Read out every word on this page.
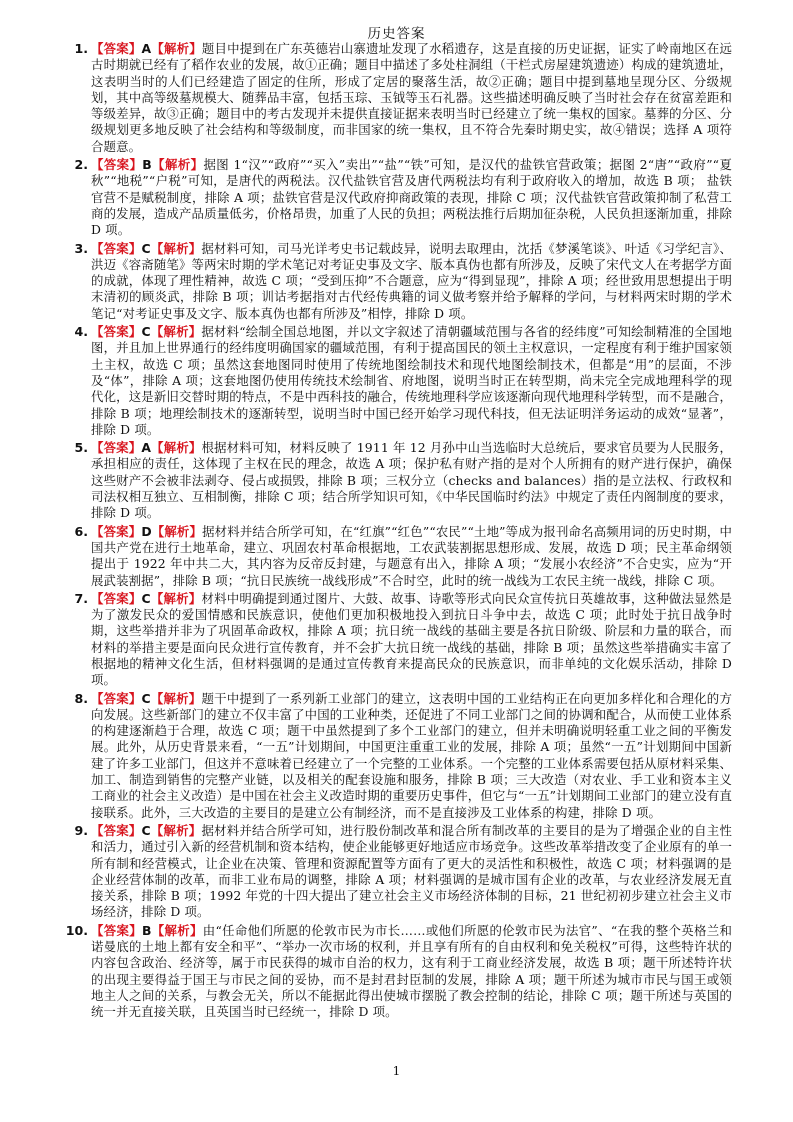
历史答案
1. 【答案】A【解析】题目中提到在广东英德岩山寨遗址发现了水稻遗存，这是直接的历史证据，证实了岭南地区在远古时期就已经有了稻作农业的发展，故①正确；题目中描述了多处柱洞组（干栏式房屋建筑遗迹）构成的建筑遗址，这表明当时的人们已经建造了固定的住所，形成了定居的聚落生活，故②正确；题目中提到墓地呈现分区、分级规划，其中高等级墓规模大、随葬品丰富，包括玉琮、玉钺等玉石礼器。这些描述明确反映了当时社会存在贫富差距和等级差异，故③正确；题目中的考古发现并未提供直接证据来表明当时已经建立了统一集权的国家。墓葬的分区、分级规划更多地反映了社会结构和等级制度，而非国家的统一集权，且不符合先秦时期史实，故④错误；选择 A 项符合题意。
2. 【答案】B【解析】据图 1“汉”“政府”“买入”卖出”“盐”“铁”可知，是汉代的盐铁官营政策；据图 2“唐”“政府”“夏秋”“地税”“户税”可知，是唐代的两税法。汉代盐铁官营及唐代两税法均有利于政府收入的增加，故选 B 项； 盐铁官营不是赋税制度，排除 A 项；盐铁官营是汉代政府抑商政策的表现，排除 C 项；汉代盐铁官营政策抑制了私营工商的发展，造成产品质量低劣，价格昂贵，加重了人民的负担；两税法推行后期加征杂税，人民负担逐渐加重，排除 D 项。
3. 【答案】C【解析】据材料可知，司马光详考史书记载歧异，说明去取理由，沈括《梦溪笔谈》、叶适《习学纪言》、洪迈《容斋随笔》等两宋时期的学术笔记对考证史事及文字、版本真伪也都有所涉及，反映了宋代文人在考据学方面的成就，体现了理性精神，故选 C 项；“受到压抑”不合题意，应为“得到显现”，排除 A 项；经世致用思想提出于明末清初的顾炎武，排除 B 项；训诂考据指对古代经传典籍的词义做考察并给予解释的学问，与材料两宋时期的学术笔记“对考证史事及文字、版本真伪也都有所涉及”相悖，排除 D 项。
4. 【答案】C【解析】据材料“绘制全国总地图，并以文字叙述了清朝疆域范围与各省的经纬度”可知绘制精准的全国地图，并且加上世界通行的经纬度明确国家的疆域范围，有利于提高国民的领土主权意识，一定程度有利于维护国家领土主权，故选 C 项；虽然这套地图同时使用了传统地图绘制技术和现代地图绘制技术，但都是“用”的层面，不涉及“体”，排除 A 项；这套地图仍使用传统技术绘制省、府地图，说明当时正在转型期，尚未完全完成地理科学的现代化，这是新旧交替时期的特点，不是中西科技的融合，传统地理科学应该逐渐向现代地理科学转型，而不是融合，排除 B 项；地理绘制技术的逐渐转型，说明当时中国已经开始学习现代科技，但无法证明洋务运动的成效“显著”，排除 D 项。
5. 【答案】A【解析】根据材料可知，材料反映了 1911 年 12 月孙中山当选临时大总统后，要求官员要为人民服务，承担相应的责任，这体现了主权在民的理念，故选 A 项；保护私有财产指的是对个人所拥有的财产进行保护，确保这些财产不会被非法剥夺、侵占或损毁，排除 B 项；三权分立（checks and balances）指的是立法权、行政权和司法权相互独立、互相制衡，排除 C 项；结合所学知识可知，《中华民国临时约法》中规定了责任内阁制度的要求，排除 D 项。
6. 【答案】D【解析】据材料并结合所学可知，在“红旗”“红色”“农民”“土地”等成为报刊命名高频用词的历史时期，中国共产党在进行土地革命，建立、巩固农村革命根据地，工农武装割据思想形成、发展，故选 D 项；民主革命纲领提出于 1922 年中共二大，其内容为反帝反封建，与题意有出入，排除 A 项；“发展小农经济”不合史实，应为“开展武装割据”，排除 B 项；“抗日民族统一战线形成”不合时空，此时的统一战线为工农民主统一战线，排除 C 项。
7. 【答案】C【解析】材料中明确提到通过图片、大鼓、故事、诗歌等形式向民众宣传抗日英雄故事，这种做法显然是为了激发民众的爱国情感和民族意识，使他们更加积极地投入到抗日斗争中去，故选 C 项；此时处于抗日战争时期，这些举措并非为了巩固革命政权，排除 A 项；抗日统一战线的基础主要是各抗日阶级、阶层和力量的联合，而材料的举措主要是面向民众进行宣传教育，并不会扩大抗日统一战线的基础，排除 B 项；虽然这些举措确实丰富了根据地的精神文化生活，但材料强调的是通过宣传教育来提高民众的民族意识，而非单纯的文化娱乐活动，排除 D 项。
8. 【答案】C【解析】题干中提到了一系列新工业部门的建立，这表明中国的工业结构正在向更加多样化和合理化的方向发展。这些新部门的建立不仅丰富了中国的工业种类，还促进了不同工业部门之间的协调和配合，从而使工业体系的构建逐渐趋于合理，故选 C 项；题干中虽然提到了多个工业部门的建立，但并未明确说明轻重工业之间的平衡发展。此外，从历史背景来看，“一五”计划期间，中国更注重重工业的发展，排除 A 项；虽然“一五”计划期间中国新建了许多工业部门，但这并不意味着已经建立了一个完整的工业体系。一个完整的工业体系需要包括从原材料采集、加工、制造到销售的完整产业链，以及相关的配套设施和服务，排除 B 项；三大改造（对农业、手工业和资本主义工商业的社会主义改造）是中国在社会主义改造时期的重要历史事件，但它与“一五”计划期间工业部门的建立没有直接联系。此外，三大改造的主要目的是建立公有制经济，而不是直接涉及工业体系的构建，排除 D 项。
9. 【答案】C【解析】据材料并结合所学可知，进行股份制改革和混合所有制改革的主要目的是为了增强企业的自主性和活力，通过引入新的经营机制和资本结构，使企业能够更好地适应市场竞争。这些改革举措改变了企业原有的单一所有制和经营模式，让企业在决策、管理和资源配置等方面有了更大的灵活性和积极性，故选 C 项；材料强调的是企业经营体制的改革，而非工业布局的调整，排除 A 项；材料强调的是城市国有企业的改革，与农业经济发展无直接关系，排除 B 项；1992 年党的十四大提出了建立社会主义市场经济体制的目标，21 世纪初初步建立社会主义市场经济，排除 D 项。
10. 【答案】B【解析】由“任命他们所愿的伦敦市民为市长……或他们所愿的伦敦市民为法官”、“在我的整个英格兰和诺曼底的土地上都有安全和平”、“举办一次市场的权利，并且享有所有的自由权利和免关税权”可得，这些特许状的内容包含政治、经济等，属于市民获得的城市自治的权力，这有利于工商业经济发展，故选 B 项；题干所述特许状的出现主要得益于国王与市民之间的妥协，而不是封君封臣制的发展，排除 A 项；题干所述为城市市民与国王或领地主人之间的关系，与教会无关，所以不能据此得出使城市摆脱了教会控制的结论，排除 C 项；题干所述与英国的统一并无直接关联，且英国当时已经统一，排除 D 项。
1
